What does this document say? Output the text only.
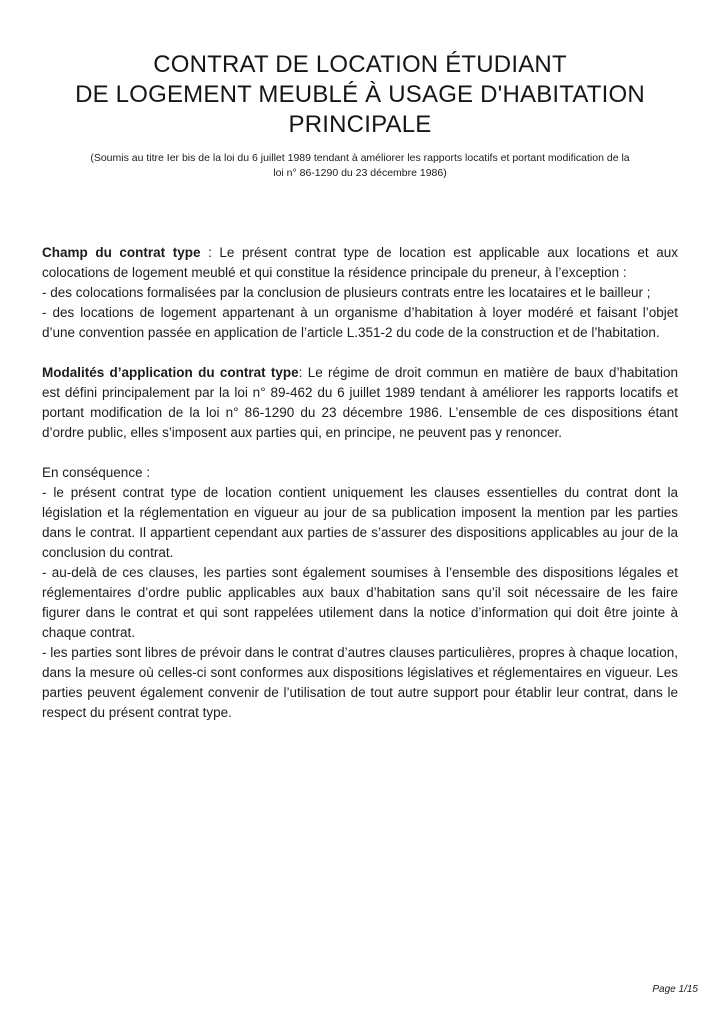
CONTRAT DE LOCATION ÉTUDIANT
DE LOGEMENT MEUBLÉ À USAGE D'HABITATION
PRINCIPALE
(Soumis au titre Ier bis de la loi du 6 juillet 1989 tendant à améliorer les rapports locatifs et portant modification de la
loi n° 86-1290 du 23 décembre 1986)
Champ du contrat type : Le présent contrat type de location est applicable aux locations et aux colocations de logement meublé et qui constitue la résidence principale du preneur, à l’exception :
- des colocations formalisées par la conclusion de plusieurs contrats entre les locataires et le bailleur ;
- des locations de logement appartenant à un organisme d’habitation à loyer modéré et faisant l’objet d’une convention passée en application de l’article L.351-2 du code de la construction et de l’habitation.
Modalités d’application du contrat type: Le régime de droit commun en matière de baux d’habitation est défini principalement par la loi n° 89-462 du 6 juillet 1989 tendant à améliorer les rapports locatifs et portant modification de la loi n° 86-1290 du 23 décembre 1986. L’ensemble de ces dispositions étant d’ordre public, elles s’imposent aux parties qui, en principe, ne peuvent pas y renoncer.
En conséquence :
- le présent contrat type de location contient uniquement les clauses essentielles du contrat dont la législation et la réglementation en vigueur au jour de sa publication imposent la mention par les parties dans le contrat. Il appartient cependant aux parties de s’assurer des dispositions applicables au jour de la conclusion du contrat.
- au-delà de ces clauses, les parties sont également soumises à l’ensemble des dispositions légales et réglementaires d’ordre public applicables aux baux d’habitation sans qu’il soit nécessaire de les faire figurer dans le contrat et qui sont rappelées utilement dans la notice d’information qui doit être jointe à chaque contrat.
- les parties sont libres de prévoir dans le contrat d’autres clauses particulières, propres à chaque location, dans la mesure où celles-ci sont conformes aux dispositions législatives et réglementaires en vigueur. Les parties peuvent également convenir de l’utilisation de tout autre support pour établir leur contrat, dans le respect du présent contrat type.
Page 1/15
